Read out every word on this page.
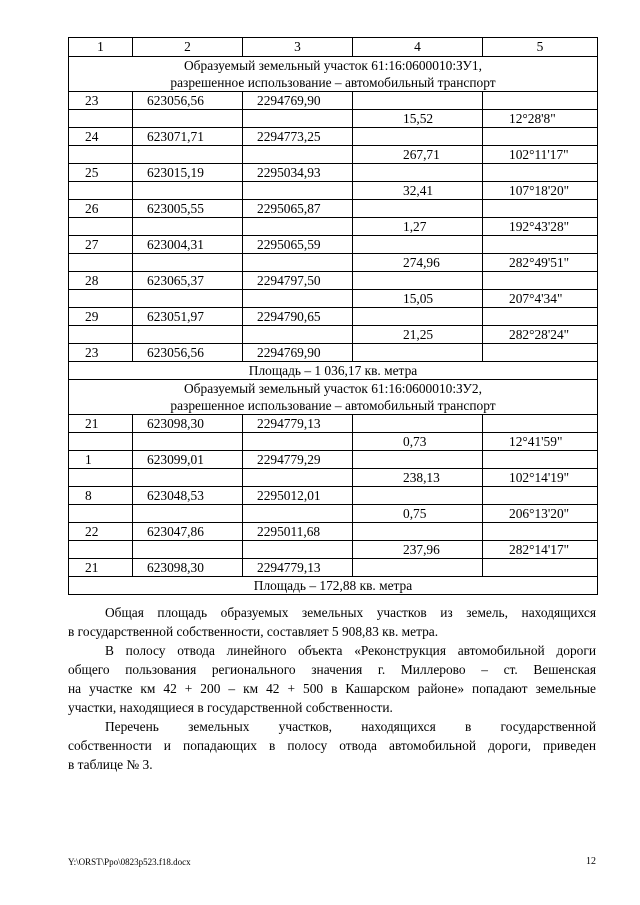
1	2	3	4	5

Образуемый земельный участок 61:16:0600010:ЗУ1,
разрешенное использование – автомобильный транспорт				

23	623056,56	2294769,90		
			15,52	12°28'8"
24	623071,71	2294773,25		
			267,71	102°11'17"
25	623015,19	2295034,93		
			32,41	107°18'20"
26	623005,55	2295065,87		
			1,27	192°43'28"
27	623004,31	2295065,59		
			274,96	282°49'51"
28	623065,37	2294797,50		
			15,05	207°4'34"
29	623051,97	2294790,65		
			21,25	282°28'24"
23	623056,56	2294769,90		
Площадь – 1 036,17 кв. метра				

Образуемый земельный участок 61:16:0600010:ЗУ2,
разрешенное использование – автомобильный транспорт				

21	623098,30	2294779,13		
			0,73	12°41'59"
1	623099,01	2294779,29		
			238,13	102°14'19"
8	623048,53	2295012,01		
			0,75	206°13'20"
22	623047,86	2295011,68		
			237,96	282°14'17"
21	623098,30	2294779,13		
Площадь – 172,88 кв. метра				

Общая площадь образуемых земельных участков из земель, находящихся
в государственной собственности, составляет 5 908,83 кв. метра.

В полосу отвода линейного объекта «Реконструкция автомобильной дороги
общего пользования регионального значения г. Миллерово – ст. Вешенская
на участке км 42 + 200 – км 42 + 500 в Кашарском районе» попадают земельные
участки, находящиеся в государственной собственности.

Перечень земельных участков, находящихся в государственной
собственности и попадающих в полосу отвода автомобильной дороги, приведен
в таблице № 3.

Y:\ORST\Ppo\0823p523.f18.docx	12
